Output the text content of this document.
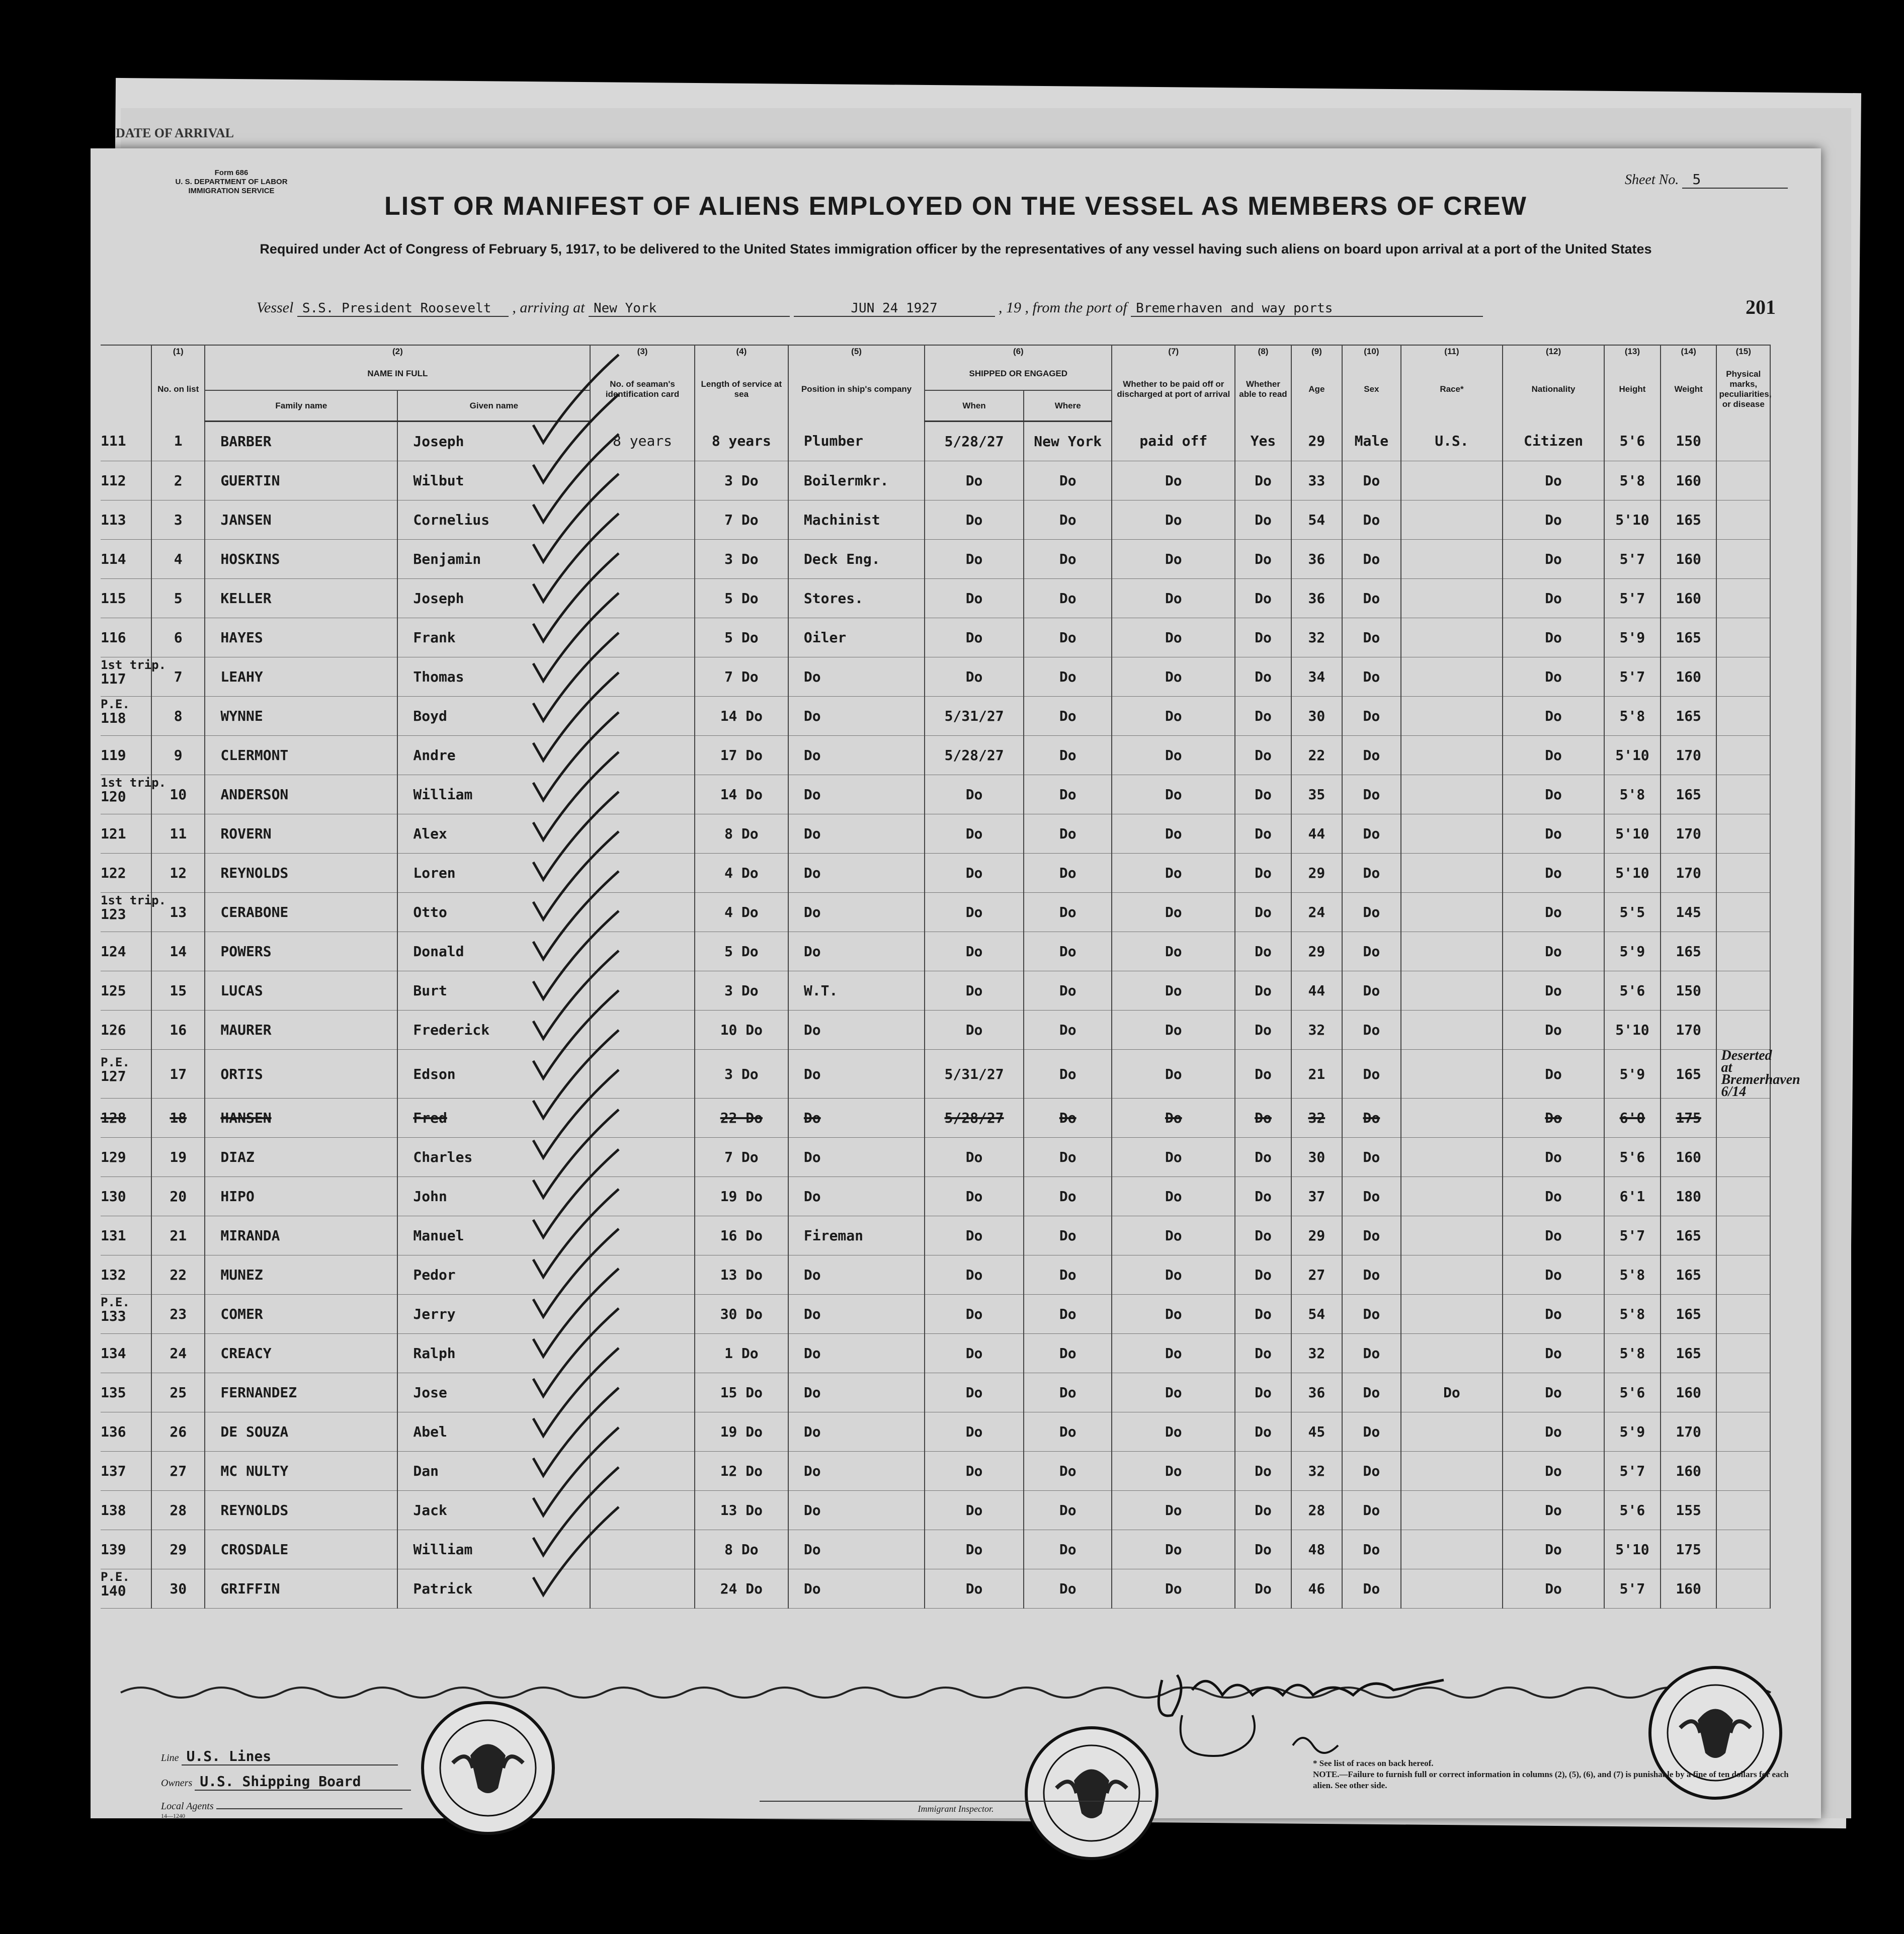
DATE OF ARRIVAL
Form 686
U. S. DEPARTMENT OF LABOR
IMMIGRATION SERVICE
Sheet No. 5
LIST OR MANIFEST OF ALIENS EMPLOYED ON THE VESSEL AS MEMBERS OF CREW
Required under Act of Congress of February 5, 1917, to be delivered to the United States immigration officer by the representatives of any vessel having such aliens on board upon arrival at a port of the United States
Vessel S.S. President Roosevelt , arriving at New York	JUN 24 1927	, 19 , from the port of Bremerhaven and way ports	201
	(1)	(2)		(3)	(4)	(5)	(6)		(7)	(8)	(9)	(10)	(11)	(12)	(13)	(14)	(15)
	No. on list	NAME IN FULL		No. of seaman's identification card	Length of service at sea	Position in ship's company	SHIPPED OR ENGAGED		Whether to be paid off or discharged at port of arrival	Whether able to read	Age	Sex	Race*	Nationality	Height	Weight	Physical marks, peculiarities, or disease
		Family name	Given name				When	Where									
111	1	BARBER	Joseph	8 years	8 years	Plumber	5/28/27	New York	paid off	Yes	29	Male	U.S.	Citizen	5'6	150	
112	2	GUERTIN	Wilbut		3 Do	Boilermkr.	Do	Do	Do	Do	33	Do		Do	5'8	160	
113	3	JANSEN	Cornelius		7 Do	Machinist	Do	Do	Do	Do	54	Do		Do	5'10	165	
114	4	HOSKINS	Benjamin		3 Do	Deck Eng.	Do	Do	Do	Do	36	Do		Do	5'7	160	
115	5	KELLER	Joseph		5 Do	Stores.	Do	Do	Do	Do	36	Do		Do	5'7	160	
116	6	HAYES	Frank		5 Do	Oiler	Do	Do	Do	Do	32	Do		Do	5'9	165	

1st trip.
117	7	LEAHY	Thomas		7 Do	Do	Do	Do	Do	Do	34	Do		Do	5'7	160	

P.E.
118	8	WYNNE	Boyd		14 Do	Do	5/31/27	Do	Do	Do	30	Do		Do	5'8	165	
119	9	CLERMONT	Andre		17 Do	Do	5/28/27	Do	Do	Do	22	Do		Do	5'10	170	

1st trip.
120	10	ANDERSON	William		14 Do	Do	Do	Do	Do	Do	35	Do		Do	5'8	165	
121	11	ROVERN	Alex		8 Do	Do	Do	Do	Do	Do	44	Do		Do	5'10	170	
122	12	REYNOLDS	Loren		4 Do	Do	Do	Do	Do	Do	29	Do		Do	5'10	170	

1st trip.
123	13	CERABONE	Otto		4 Do	Do	Do	Do	Do	Do	24	Do		Do	5'5	145	
124	14	POWERS	Donald		5 Do	Do	Do	Do	Do	Do	29	Do		Do	5'9	165	
125	15	LUCAS	Burt		3 Do	W.T.	Do	Do	Do	Do	44	Do		Do	5'6	150	
126	16	MAURER	Frederick		10 Do	Do	Do	Do	Do	Do	32	Do		Do	5'10	170	

P.E.
127	17	ORTIS	Edson		3 Do	Do	5/31/27	Do	Do	Do	21	Do		Do	5'9	165	Deserted at Bremerhaven 6/14
128	18	HANSEN	Fred		22 Do	Do	5/28/27	Do	Do	Do	32	Do		Do	6'0	175	
129	19	DIAZ	Charles		7 Do	Do	Do	Do	Do	Do	30	Do		Do	5'6	160	
130	20	HIPO	John		19 Do	Do	Do	Do	Do	Do	37	Do		Do	6'1	180	
131	21	MIRANDA	Manuel		16 Do	Fireman	Do	Do	Do	Do	29	Do		Do	5'7	165	
132	22	MUNEZ	Pedor		13 Do	Do	Do	Do	Do	Do	27	Do		Do	5'8	165	

P.E.
133	23	COMER	Jerry		30 Do	Do	Do	Do	Do	Do	54	Do		Do	5'8	165	
134	24	CREACY	Ralph		1 Do	Do	Do	Do	Do	Do	32	Do		Do	5'8	165	
135	25	FERNANDEZ	Jose		15 Do	Do	Do	Do	Do	Do	36	Do	Do	Do	5'6	160	
136	26	DE SOUZA	Abel		19 Do	Do	Do	Do	Do	Do	45	Do		Do	5'9	170	
137	27	MC NULTY	Dan		12 Do	Do	Do	Do	Do	Do	32	Do		Do	5'7	160	
138	28	REYNOLDS	Jack		13 Do	Do	Do	Do	Do	Do	28	Do		Do	5'6	155	
139	29	CROSDALE	William		8 Do	Do	Do	Do	Do	Do	48	Do		Do	5'10	175	

P.E.
140	30	GRIFFIN	Patrick		24 Do	Do	Do	Do	Do	Do	46	Do		Do	5'7	160	
Line U.S. Lines
Owners U.S. Shipping Board
Local Agents
14—1240
Immigrant Inspector.
* See list of races on back hereof.
NOTE.—Failure to furnish full or correct information in columns (2), (5), (6), and (7) is punishable by a fine of ten dollars for each alien. See other side.
